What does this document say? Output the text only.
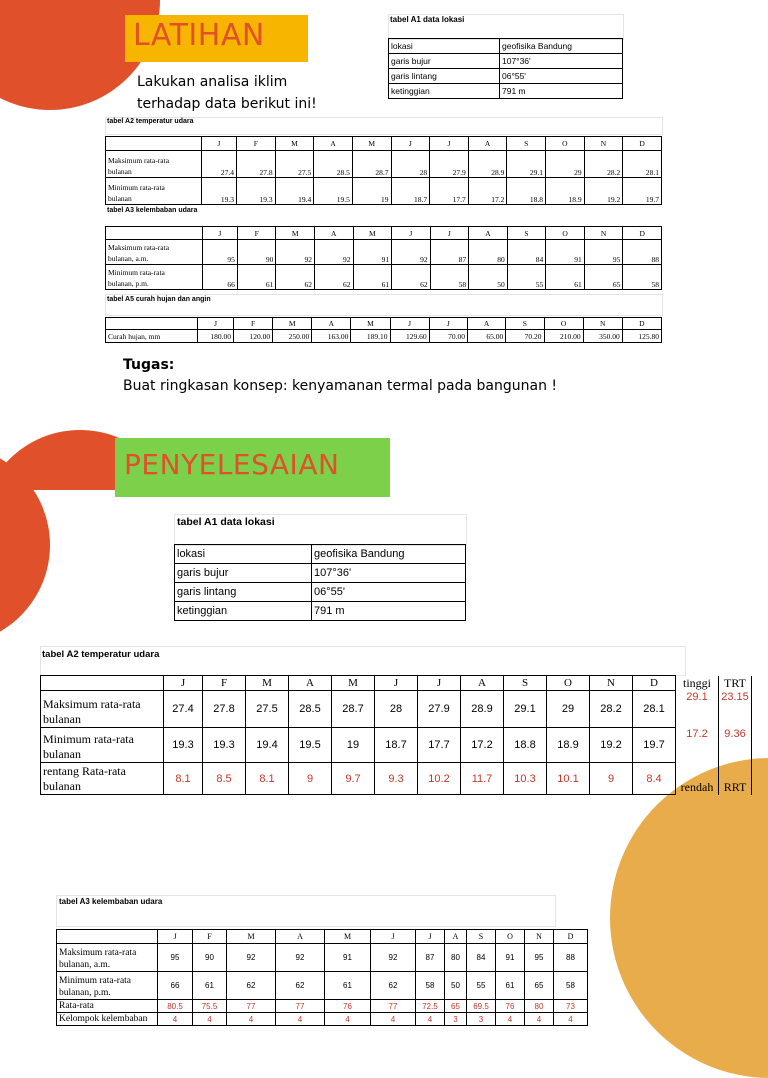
LATIHAN
Lakukan analisa iklim
terhadap data berikut ini!
tabel A1 data lokasi
lokasi	geofisika Bandung
garis bujur	107°36'
garis lintang	06°55'
ketinggian	791 m
tabel A2 temperatur udara
	J	F	M	A	M	J	J	A	S	O	N	D

Maksimum rata-rata
bulanan	27.4	27.8	27.5	28.5	28.7	28	27.9	28.9	29.1	29	28.2	28.1

Minimum rata-rata
bulanan	19.3	19.3	19.4	19.5	19	18.7	17.7	17.2	18.8	18.9	19.2	19.7
tabel A3 kelembaban udara
	J	F	M	A	M	J	J	A	S	O	N	D

Maksimum rata-rata
bulanan, a.m.	95	90	92	92	91	92	87	80	84	91	95	88

Minimum rata-rata
bulanan, p.m.	66	61	62	62	61	62	58	50	55	61	65	58
tabel A5 curah hujan dan angin
	J	F	M	A	M	J	J	A	S	O	N	D
Curah hujan, mm	180.00	120.00	250.00	163.00	189.10	129.60	70.00	65.00	70.20	210.00	350.00	125.80
Tugas:
Buat ringkasan konsep: kenyamanan termal pada bangunan !
PENYELESAIAN
tabel A1 data lokasi
lokasi	geofisika Bandung
garis bujur	107°36'
garis lintang	06°55'
ketinggian	791 m
tabel A2 temperatur udara
	J	F	M	A	M	J	J	A	S	O	N	D	tinggi	TRT

Maksimum rata-rata
bulanan	27.4	27.8	27.5	28.5	28.7	28	27.9	28.9	29.1	29	28.2	28.1	29.1	23.15

Minimum rata-rata
bulanan	19.3	19.3	19.4	19.5	19	18.7	17.7	17.2	18.8	18.9	19.2	19.7	17.2	9.36

rentang Rata-rata
bulanan	8.1	8.5	8.1	9	9.7	9.3	10.2	11.7	10.3	10.1	9	8.4	rendah	RRT
tabel A3 kelembaban udara
	J	F	M	A	M	J	J	A	S	O	N	D

Maksimum rata-rata
bulanan, a.m.	95	90	92	92	91	92	87	80	84	91	95	88

Minimum rata-rata
bulanan, p.m.	66	61	62	62	61	62	58	50	55	61	65	58
Rata-rata	80.5	75.5	77	77	76	77	72.5	65	69.5	76	80	73
Kelompok kelembaban	4	4	4	4	4	4	4	3	3	4	4	4
